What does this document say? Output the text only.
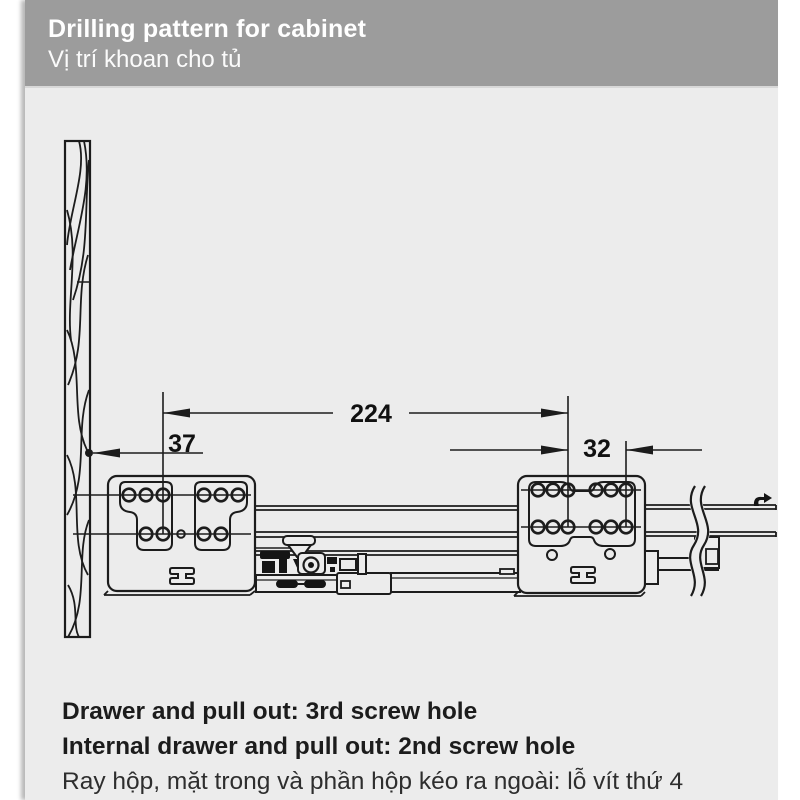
37
224
32
Drilling pattern for cabinet
Vị trí khoan cho tủ
Drawer and pull out: 3rd screw hole
Internal drawer and pull out: 2nd screw hole
Ray hộp, mặt trong và phần hộp kéo ra ngoài: lỗ vít thứ 4
